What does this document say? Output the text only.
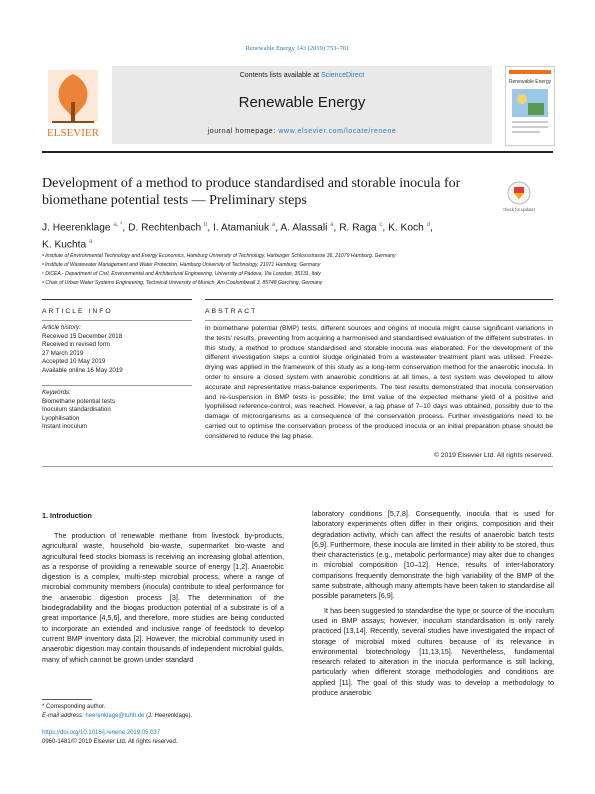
Renewable Energy 143 (2019) 753–761
ELSEVIER
Contents lists available at ScienceDirect
Renewable Energy
journal homepage: www.elsevier.com/locate/renene
Renewable Energy
Development of a method to produce standardised and storable inocula for biomethane potential tests — Preliminary steps
Check for updates
J. Heerenklage $^{a, *}$, D. Rechtenbach $^b$, I. Atamaniuk $^a$, A. Alassali $^a$, R. Raga $^c$, K. Koch $^d$,
K. Kuchta $^a$
ᵃ Institute of Environmental Technology and Energy Economics, Hamburg University of Technology, Harburger Schlossstrasse 36, 21079 Hamburg, Germany
ᵇ Institute of Wastewater Management and Water Protection, Hamburg University of Technology, 21071 Hamburg, Germany
ᶜ DICEA - Department of Civil, Environmental and Architectural Engineering, University of Padova, Via Loredan, 35131, Italy
ᵈ Chair of Urban Water Systems Engineering, Technical University of Munich, Am Coulombwall 3, 85748 Garching, Germany
ARTICLE INFO	ABSTRACT
Article history:
Received 15 December 2018
Received in revised form
27 March 2019
Accepted 10 May 2019
Available online 16 May 2019
Keywords:
Biomethane potential tests
Inoculum standardisation
Lyophilisation
Instant inoculum
In biomethane potential (BMP) tests, different sources and origins of inocula might cause significant variations in the tests' results, preventing from acquiring a harmonised and standardised evaluation of the different substrates. In this study, a method to produce standardised and storable inocula was elaborated. For the development of the different investigation steps a control sludge originated from a wastewater treatment plant was utilised. Freeze-drying was applied in the framework of this study as a long-term conservation method for the anaerobic inocula. In order to ensure a closed system with anaerobic conditions at all times, a test system was developed to allow accurate and representative mass-balance experiments. The test results demonstrated that inocula conservation and re-suspension in BMP tests is possible; the limit value of the expected methane yield of a positive and lyophilised reference-control, was reached. However, a lag phase of 7–10 days was obtained, possibly due to the damage of microorganisms as a consequence of the conservation process. Further investigations need to be carried out to optimise the conservation process of the produced inocula or an initial preparation phase should be considered to reduce the lag phase.
© 2019 Elsevier Ltd. All rights reserved.
1. Introduction
The production of renewable methane from livestock by-products, agricultural waste, household bio-waste, supermarket bio-waste and agricultural feed stocks biomass is receiving an increasing global attention, as a response of providing a renewable source of energy [1,2]. Anaerobic digestion is a complex, multi-step microbial process, where a range of microbial community members (inocula) contribute to ideal performance for the anaerobic digestion process [3]. The determination of the biodegradability and the biogas production potential of a substrate is of a great importance [4,5,6], and therefore, more studies are being conducted to incorporate an extended and inclusive range of feedstock to develop current BMP inventory data [2]. However, the microbial community used in anaerobic digestion may contain thousands of independent microbial guilds, many of which cannot be grown under standard

laboratory conditions [5,7,8]. Consequently, inocula that is used for laboratory experiments often differ in their origins, composition and their degradation activity, which can affect the results of anaerobic batch tests [6,9]. Furthermore, these inocula are limited in their ability to be stored, thus their characteristics (e.g., metabolic performance) may alter due to changes in microbial composition [10–12]. Hence, results of inter-laboratory comparisons frequently demonstrate the high variability of the BMP of the same substrate, although many attempts have been taken to standardise all possible parameters [6,9].

It has been suggested to standardise the type or source of the inoculum used in BMP assays; however, inoculum standardisation is only rarely practiced [13,14]. Recently, several studies have investigated the impact of storage of microbial mixed cultures because of its relevance in environmental biotechnology [11,13,15]. Nevertheless, fundamental research related to alteration in the inocula performance is still lacking, particularly when different storage methodologies and conditions are applied [11]. The goal of this study was to develop a methodology to produce anaerobic

* Corresponding author.
E-mail address: heerenklage@tuhh.de (J. Heerenklage).
https://doi.org/10.1016/j.renene.2019.05.037
0960-1481/© 2019 Elsevier Ltd. All rights reserved.
